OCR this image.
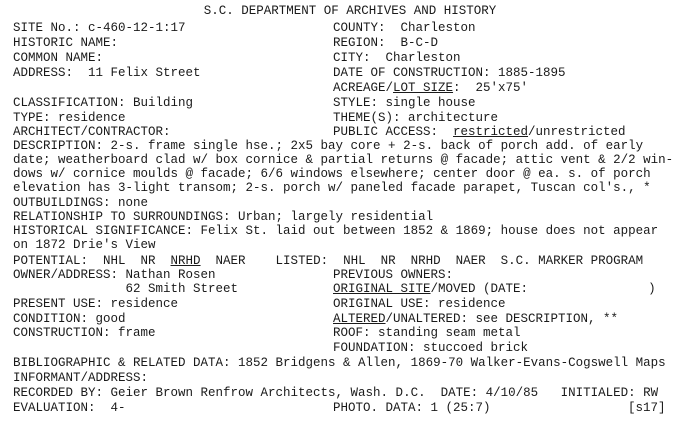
S.C. DEPARTMENT OF ARCHIVES AND HISTORY
SITE No.: c-460-12-1:17	COUNTY:  Charleston
HISTORIC NAME:	REGION:  B-C-D
COMMON NAME:	CITY:  Charleston
ADDRESS:  11 Felix Street	DATE OF CONSTRUCTION: 1885-1895
ACREAGE/LOT SIZE:  25'x75'
CLASSIFICATION: Building	STYLE: single house
TYPE: residence	THEME(S): architecture
ARCHITECT/CONTRACTOR:	PUBLIC ACCESS:  restricted/unrestricted
DESCRIPTION: 2-s. frame single hse.; 2x5 bay core + 2-s. back of porch add. of early
date; weatherboard clad w/ box cornice & partial returns @ facade; attic vent & 2/2 win-
dows w/ cornice moulds @ facade; 6/6 windows elsewhere; center door @ ea. s. of porch
elevation has 3-light transom; 2-s. porch w/ paneled facade parapet, Tuscan col's., *
OUTBUILDINGS: none
RELATIONSHIP TO SURROUNDINGS: Urban; largely residential
HISTORICAL SIGNIFICANCE: Felix St. laid out between 1852 & 1869; house does not appear
on 1872 Drie's View
POTENTIAL:  NHL  NR  NRHD  NAER    LISTED:  NHL  NR  NRHD  NAER  S.C. MARKER PROGRAM
OWNER/ADDRESS: Nathan Rosen	PREVIOUS OWNERS:
62 Smith Street	ORIGINAL SITE/MOVED (DATE:                )
PRESENT USE: residence	ORIGINAL USE: residence
CONDITION: good	ALTERED/UNALTERED: see DESCRIPTION, **
CONSTRUCTION: frame	ROOF: standing seam metal
FOUNDATION: stuccoed brick
BIBLIOGRAPHIC & RELATED DATA: 1852 Bridgens & Allen, 1869-70 Walker-Evans-Cogswell Maps
INFORMANT/ADDRESS:
RECORDED BY: Geier Brown Renfrow Architects, Wash. D.C.  DATE: 4/10/85   INITIALED: RW
EVALUATION:  4-	PHOTO. DATA: 1 (25:7)	[s17]
